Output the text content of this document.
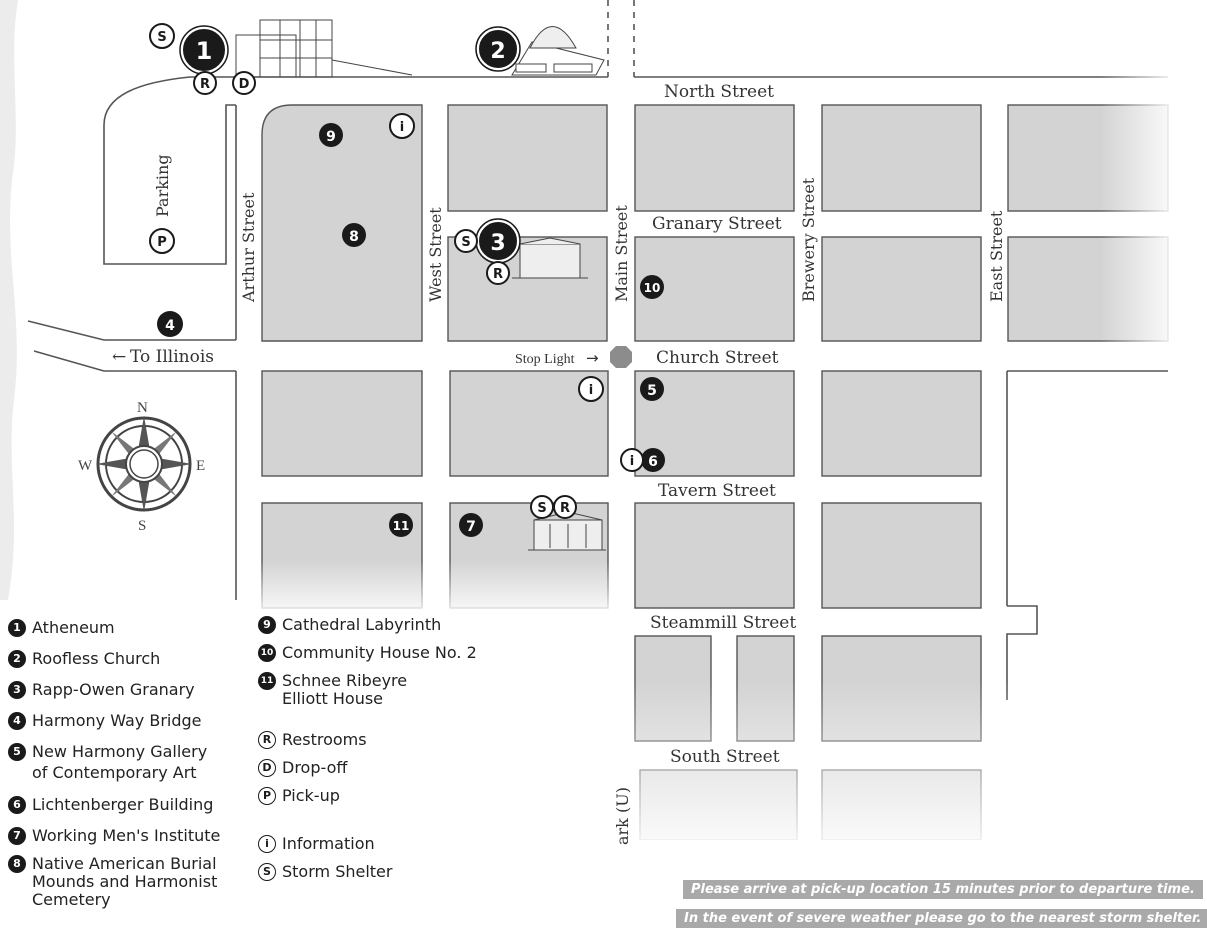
North Street
Granary Street
Church Street
Tavern Street
Steammill Street
South Street
Arthur Street	West Street	Main Street	Brewery Street	East Street
ark (U)
Parking
← To Illinois	Stop Light →
N
S
W	E
1	2
3
4
5
6
7
8
9
10
11
S
R D
P
i
S
R
i
i
S R
1 Atheneum
2 Roofless Church
3 Rapp-Owen Granary
4 Harmony Way Bridge
5 New Harmony Gallery
of Contemporary Art
6 Lichtenberger Building
7 Working Men's Institute
8 Native American Burial
Mounds and Harmonist
Cemetery
9 Cathedral Labyrinth
10 Community House No. 2
11 Schnee Ribeyre
Elliott House
R Restrooms
D Drop-off
P Pick-up
i Information
S Storm Shelter
Please arrive at pick-up location 15 minutes prior to departure time.
In the event of severe weather please go to the nearest storm shelter.
